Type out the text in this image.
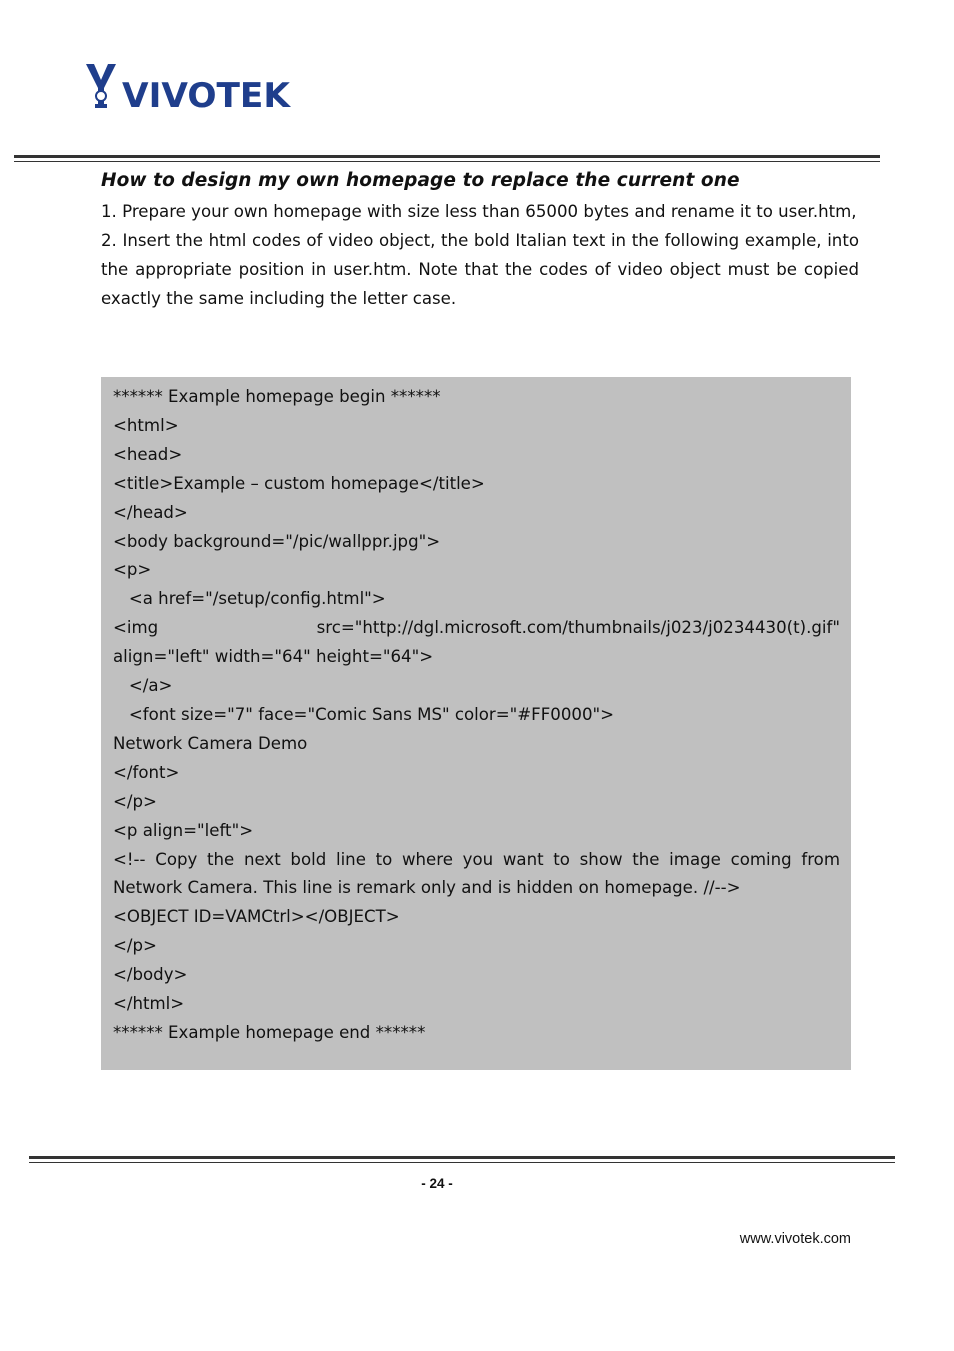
VIVOTEK
How to design my own homepage to replace the current one

1. Prepare your own homepage with size less than 65000 bytes and rename it to user.htm,

2. Insert the html codes of video object, the bold Italian text in the following example, into the appropriate position in user.htm. Note that the codes of video object must be copied exactly the same including the letter case.

****** Example homepage begin ******
<html>
<head>
<title>Example – custom homepage</title>
</head>
<body background="/pic/wallppr.jpg">
<p>
<a href="/setup/config.html">
<img src="http://dgl.microsoft.com/thumbnails/j023/j0234430(t).gif"
align="left" width="64" height="64">
</a>
<font size="7" face="Comic Sans MS" color="#FF0000">
Network Camera Demo
</font>
</p>
<p align="left">
<!-- Copy the next bold line to where you want to show the image coming from Network Camera. This line is remark only and is hidden on homepage. //-->
<OBJECT ID=VAMCtrl></OBJECT>
</p>
</body>
</html>
****** Example homepage end ******
- 24 -
www.vivotek.com
